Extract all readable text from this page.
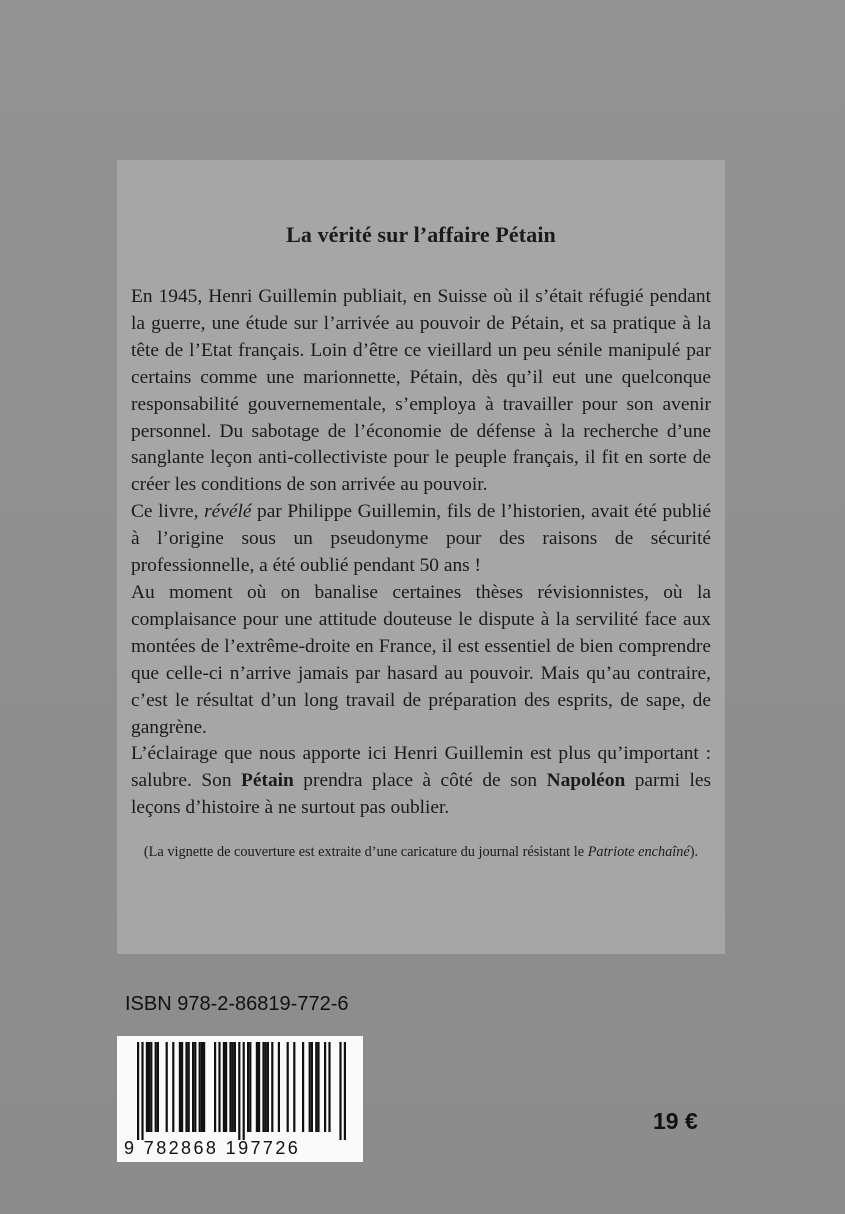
La vérité sur l’affaire Pétain

En 1945, Henri Guillemin publiait, en Suisse où il s’était réfugié pendant la guerre, une étude sur l’arrivée au pouvoir de Pétain, et sa pratique à la tête de l’Etat français. Loin d’être ce vieillard un peu sénile manipulé par certains comme une marionnette, Pétain, dès qu’il eut une quelconque responsabilité gouvernementale, s’employa à travailler pour son avenir personnel. Du sabotage de l’économie de défense à la recherche d’une sanglante leçon anti-collectiviste pour le peuple français, il fit en sorte de créer les conditions de son arrivée au pouvoir.

Ce livre, révélé par Philippe Guillemin, fils de l’historien, avait été publié à l’origine sous un pseudonyme pour des raisons de sécurité professionnelle, a été oublié pendant 50 ans !

Au moment où on banalise certaines thèses révisionnistes, où la complaisance pour une attitude douteuse le dispute à la servilité face aux montées de l’extrême-droite en France, il est essentiel de bien comprendre que celle-ci n’arrive jamais par hasard au pouvoir. Mais qu’au contraire, c’est le résultat d’un long travail de préparation des esprits, de sape, de gangrène.

L’éclairage que nous apporte ici Henri Guillemin est plus qu’important : salubre. Son Pétain prendra place à côté de son Napoléon parmi les leçons d’histoire à ne surtout pas oublier.

(La vignette de couverture est extraite d’une caricature du journal résistant le Patriote enchaîné).
ISBN 978-2-86819-772-6
9 782868 197726
19 €
